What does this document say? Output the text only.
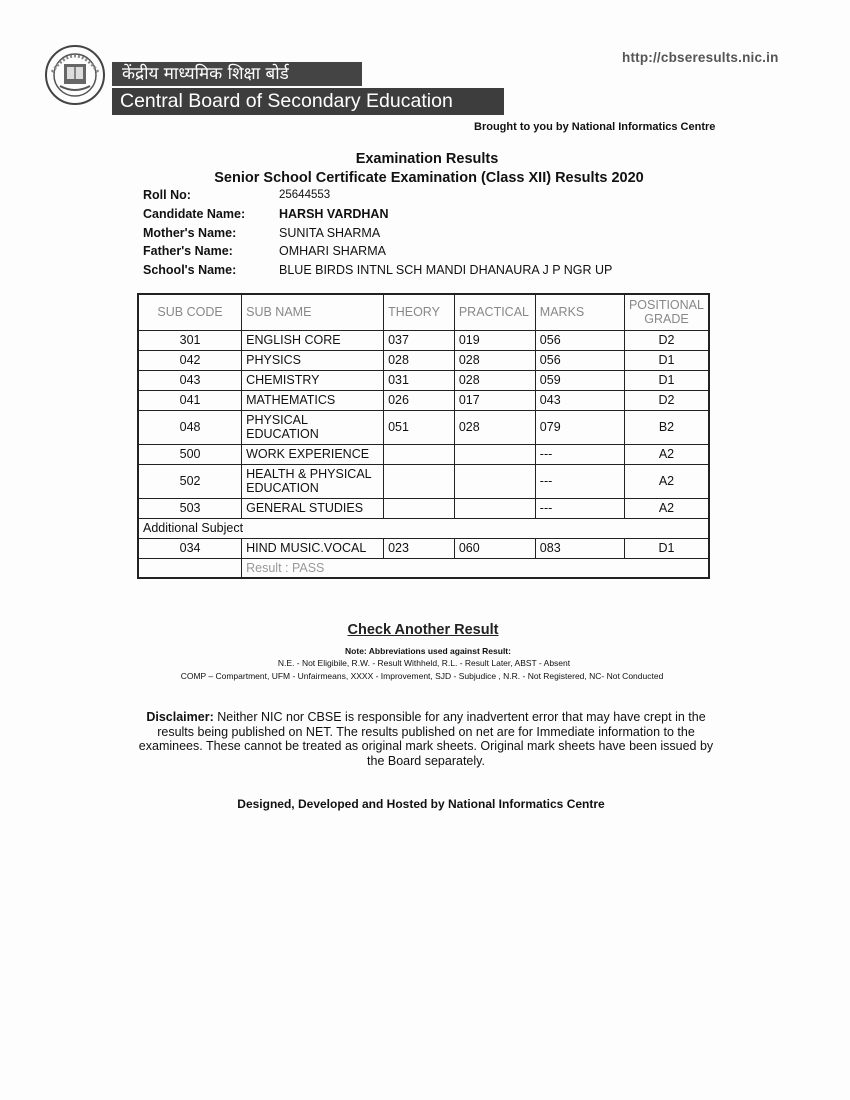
http://cbseresults.nic.in
केंद्रीय माध्यमिक शिक्षा बोर्ड
Central Board of Secondary Education
Brought to you by National Informatics Centre
Examination Results
Senior School Certificate Examination (Class XII) Results 2020
Roll No:	25644553
Candidate Name:	HARSH VARDHAN
Mother's Name:	SUNITA SHARMA
Father's Name:	OMHARI SHARMA
School's Name:	BLUE BIRDS INTNL SCH MANDI DHANAURA J P NGR UP
SUB CODE	SUB NAME	THEORY	PRACTICAL	MARKS	POSITIONAL
GRADE
301	ENGLISH CORE	037	019	056	D2
042	PHYSICS	028	028	056	D1
043	CHEMISTRY	031	028	059	D1
041	MATHEMATICS	026	017	043	D2
048	PHYSICAL
EDUCATION	051	028	079	B2
500	WORK EXPERIENCE			---	A2
502	HEALTH & PHYSICAL
EDUCATION			---	A2
503	GENERAL STUDIES			---	A2
Additional Subject					
034	HIND MUSIC.VOCAL	023	060	083	D1
	Result : PASS				
Check Another Result
Note: Abbreviations used against Result:
N.E. - Not Eligibile, R.W. - Result Withheld, R.L. - Result Later, ABST - Absent
COMP – Compartment, UFM - Unfairmeans, XXXX - Improvement, SJD - Subjudice , N.R. - Not Registered, NC- Not Conducted
Disclaimer: Neither NIC nor CBSE is responsible for any inadvertent error that may have crept in the results being published on NET. The results published on net are for Immediate information to the examinees. These cannot be treated as original mark sheets. Original mark sheets have been issued by the Board separately.
Designed, Developed and Hosted by National Informatics Centre
